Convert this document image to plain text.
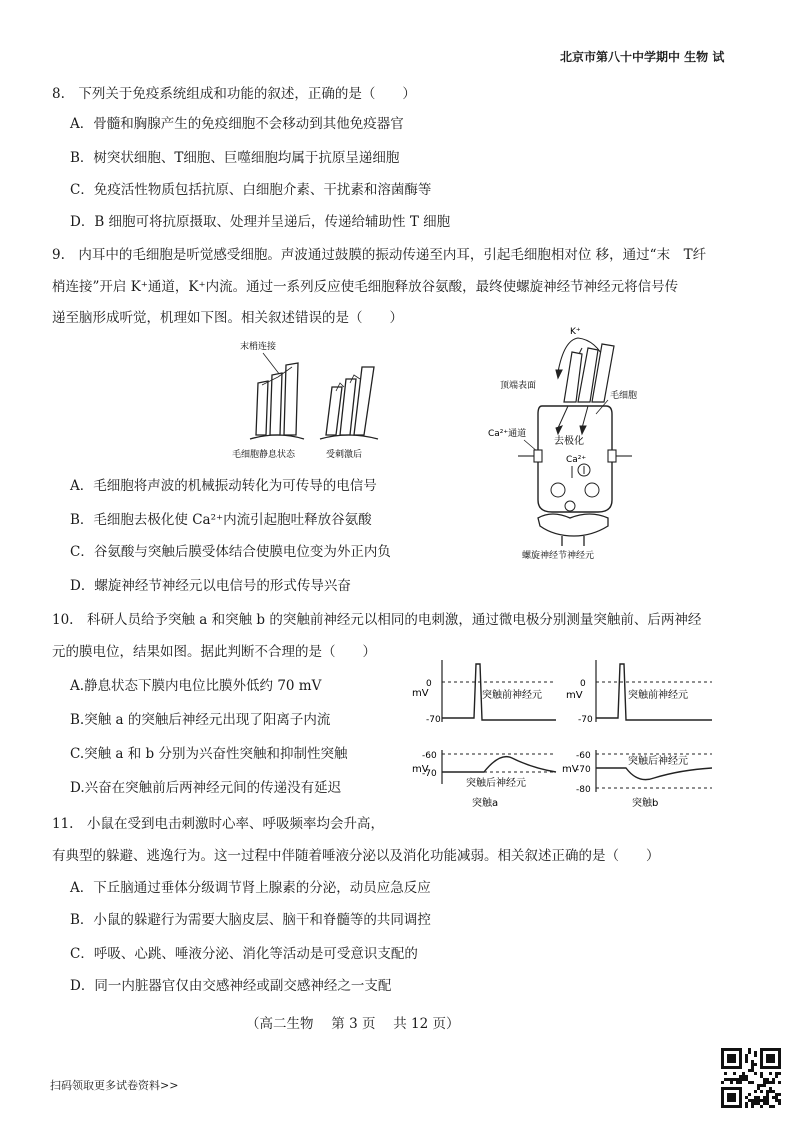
北京市第八十中学期中 生物 试
8.　下列关于免疫系统组成和功能的叙述，正确的是（　　）
A．骨髓和胸腺产生的免疫细胞不会移动到其他免疫器官
B．树突状细胞、T细胞、巨噬细胞均属于抗原呈递细胞
C．免疫活性物质包括抗原、白细胞介素、干扰素和溶菌酶等
D．B 细胞可将抗原摄取、处理并呈递后，传递给辅助性 T 细胞
9.　内耳中的毛细胞是听觉感受细胞。声波通过鼓膜的振动传递至内耳，引起毛细胞相对位 移，通过“末　T纤
梢连接”开启 K⁺通道，K⁺内流。通过一系列反应使毛细胞释放谷氨酸，最终使螺旋神经节神经元将信号传
递至脑形成听觉，机理如下图。相关叙述错误的是（　　）
A．毛细胞将声波的机械振动转化为可传导的电信号
B．毛细胞去极化使 Ca²⁺内流引起胞吐释放谷氨酸
C．谷氨酸与突触后膜受体结合使膜电位变为外正内负
D．螺旋神经节神经元以电信号的形式传导兴奋
末梢连接
毛细胞静息状态	受刺激后
K⁺
顶端表面
毛细胞
去极化
Ca²⁺通道
Ca²⁺
螺旋神经节神经元
10.　科研人员给予突触 a 和突触 b 的突触前神经元以相同的电刺激，通过微电极分别测量突触前、后两神经
元的膜电位，结果如图。据此判断不合理的是（　　）
A.静息状态下膜内电位比膜外低约 70 mV
B.突触 a 的突触后神经元出现了阳离子内流
C.突触 a 和 b 分别为兴奋性突触和抑制性突触
D.兴奋在突触前后两神经元间的传递没有延迟
mV
0
-70
突触前神经元
mV
-60
-70
突触后神经元
突触a
mV
0
-70
突触前神经元
mV
-60
-70
-80
突触后神经元
突触b
11.　小鼠在受到电击刺激时心率、呼吸频率均会升高，
有典型的躲避、逃逸行为。这一过程中伴随着唾液分泌以及消化功能减弱。相关叙述正确的是（　　）
A．下丘脑通过垂体分级调节肾上腺素的分泌，动员应急反应
B．小鼠的躲避行为需要大脑皮层、脑干和脊髓等的共同调控
C．呼吸、心跳、唾液分泌、消化等活动是可受意识支配的
D．同一内脏器官仅由交感神经或副交感神经之一支配
（高二生物　 第 3 页　 共 12 页）
扫码领取更多试卷资料>>
